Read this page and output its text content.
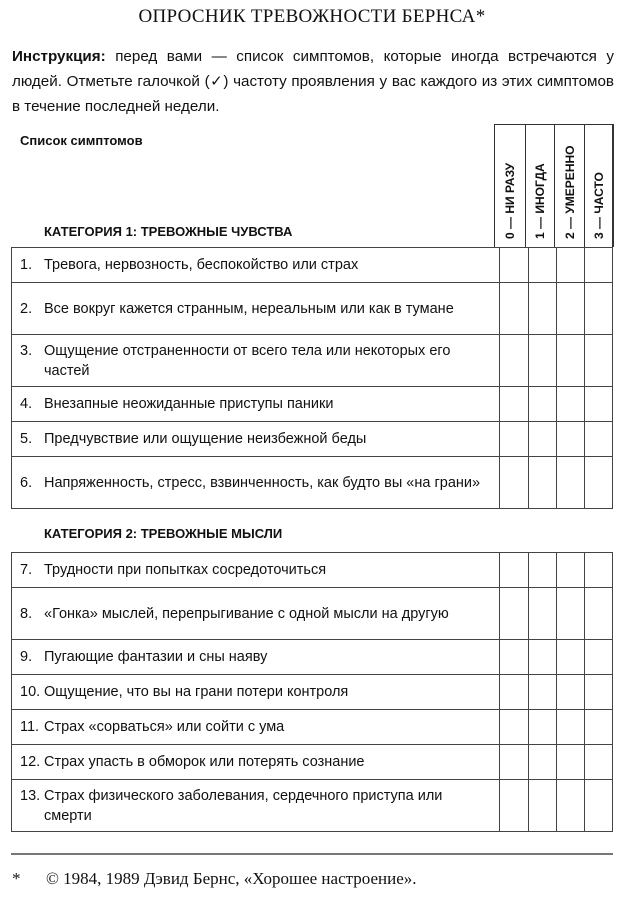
ОПРОСНИК ТРЕВОЖНОСТИ БЕРНСА*
Инструкция: перед вами — список симптомов, которые иногда встречаются у людей. Отметьте галочкой (✓) частоту проявления у вас каждого из этих симптомов в течение последней недели.
Список симптомов
0 — НИ РАЗУ 1 — ИНОГДА 2 — УМЕРЕННО 3 — ЧАСТО
КАТЕГОРИЯ 1: ТРЕВОЖНЫЕ ЧУВСТВА
1. Тревога, нервозность, беспокойство или страх				

2. Все вокруг кажется странным, нереальным или как в тумане				

3. Ощущение отстраненности от всего тела или некоторых его частей				

4. Внезапные неожиданные приступы паники				

5. Предчувствие или ощущение неизбежной беды				

6. Напряженность, стресс, взвинченность, как будто вы «на грани»				

КАТЕГОРИЯ 2: ТРЕВОЖНЫЕ МЫСЛИ
7. Трудности при попытках сосредоточиться				

8. «Гонка» мыслей, перепрыгивание с одной мысли на другую				

9. Пугающие фантазии и сны наяву				

10. Ощущение, что вы на грани потери контроля				

11. Страх «сорваться» или сойти с ума				

12. Страх упасть в обморок или потерять сознание				

13. Страх физического заболевания, сердечного приступа или смерти				

* © 1984, 1989 Дэвид Бернс, «Хорошее настроение».
